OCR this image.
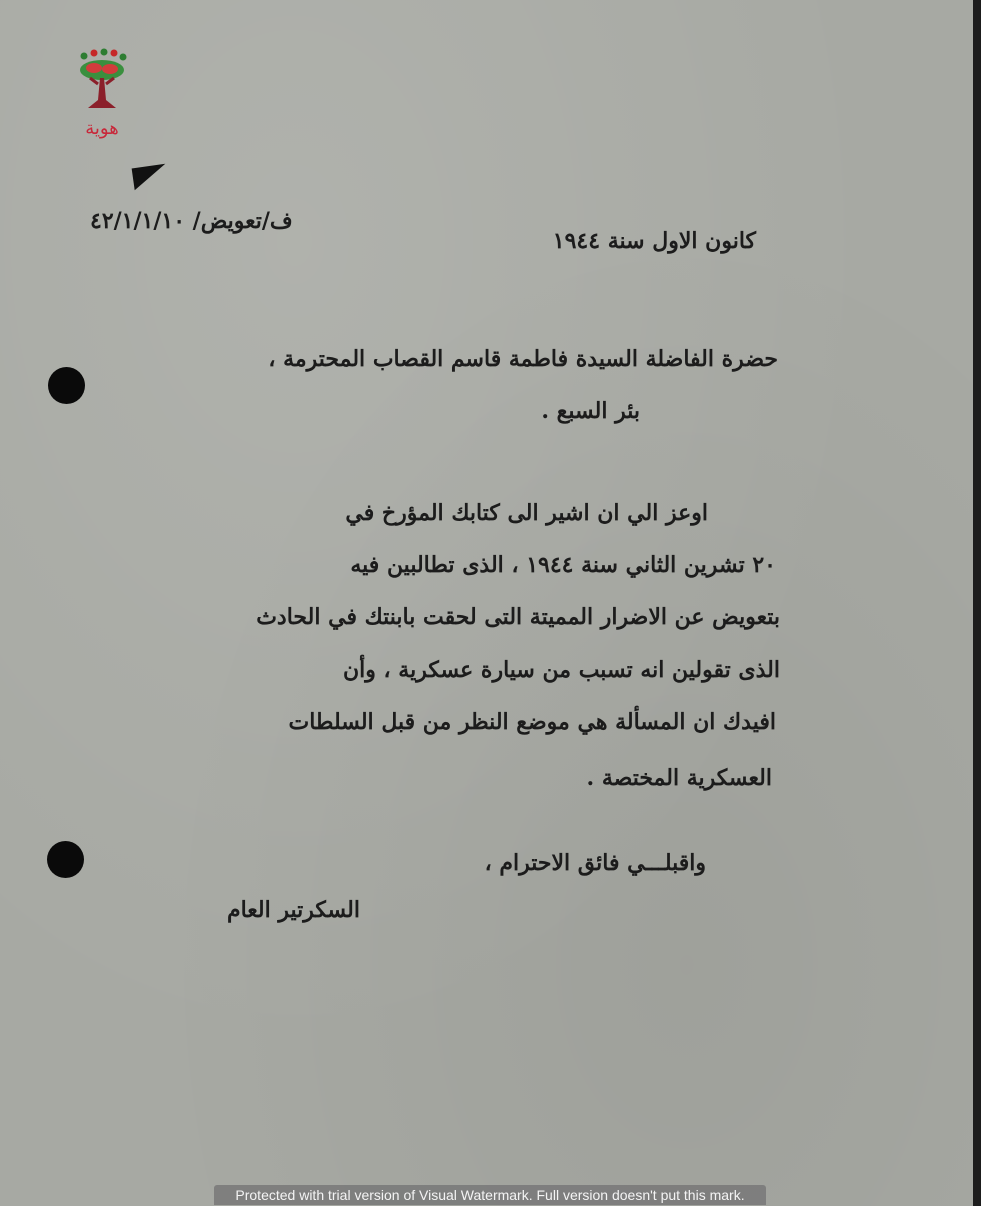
هوية
ف/تعويض/ ٤٢/١/١/١٠
كانون الاول سنة ١٩٤٤
حضرة الفاضلة السيدة فاطمة قاسم القصاب المحترمة ،
بئر السبع .
اوعز الي ان اشير الى كتابك المؤرخ في
٢٠ تشرين الثاني سنة ١٩٤٤ ، الذى تطالبين فيه
بتعويض عن الاضرار المميتة التى لحقت بابنتك في الحادث
الذى تقولين انه تسبب من سيارة عسكرية ، وأن
افيدك ان المسألة هي موضع النظر من قبل السلطات
العسكرية المختصة .
واقبلـــي فائق الاحترام ،
السكرتير العام
Protected with trial version of Visual Watermark. Full version doesn't put this mark.
